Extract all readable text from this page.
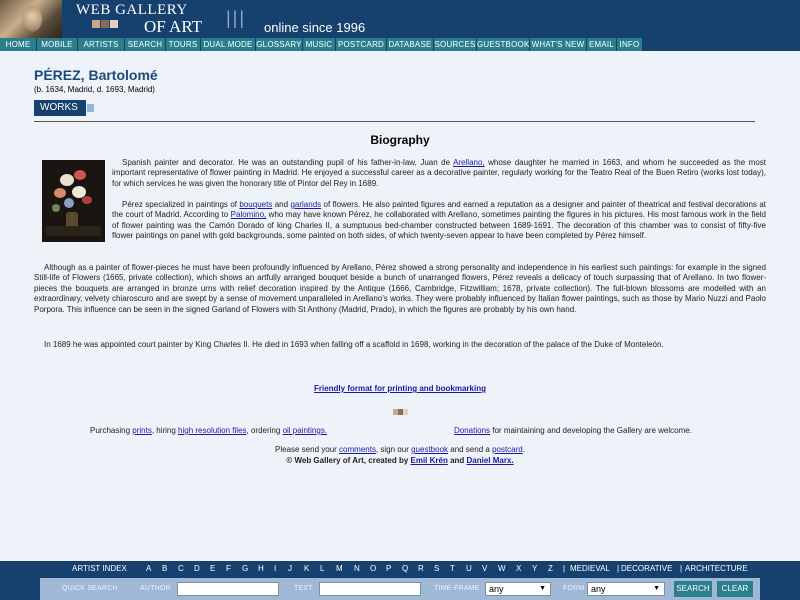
WEB GALLERY
OF ART ||| online since 1996
HOME	MOBILE	ARTISTS	SEARCH TOURS DUAL MODE GLOSSARY MUSIC POSTCARD DATABASE SOURCES GUESTBOOK WHAT'S NEW EMAIL INFO
PÉREZ, Bartolomé
(b. 1634, Madrid, d. 1693, Madrid)
WORKS
Biography
Spanish painter and decorator. He was an outstanding pupil of his father-in-law, Juan de Arellano, whose daughter he married in 1663, and whom he succeeded as the most important representative of flower painting in Madrid. He enjoyed a successful career as a decorative painter, regularly working for the Teatro Real of the Buen Retiro (works lost today), for which services he was given the honorary title of Pintor del Rey in 1689.
Pérez specialized in paintings of bouquets and garlands of flowers. He also painted figures and earned a reputation as a designer and painter of theatrical and festival decorations at the court of Madrid. According to Palomino, who may have known Pérez, he collaborated with Arellano, sometimes painting the figures in his pictures. His most famous work in the field of flower painting was the Camón Dorado of king Charles II, a sumptuous bed-chamber constructed between 1689-1691. The decoration of this chamber was to consist of fifty-five flower paintings on panel with gold backgrounds, some painted on both sides, of which twenty-seven appear to have been completed by Pérez himself.
Although as a painter of flower-pieces he must have been profoundly influenced by Arellano, Pérez showed a strong personality and independence in his earliest such paintings: for example in the signed Still-life of Flowers (1665, private collection), which shows an artfully arranged bouquet beside a bunch of unarranged flowers, Pérez reveals a delicacy of touch surpassing that of Arellano. In two flower-pieces the bouquets are arranged in bronze urns with relief decoration inspired by the Antique (1666, Cambridge, Fitzwilliam; 1678, private collection). The full-blown blossoms are modelled with an extraordinary, velvety chiaroscuro and are swept by a sense of movement unparalleled in Arellano's works. They were probably influenced by Italian flower paintings, such as those by Mario Nuzzi and Paolo Porpora. This influence can be seen in the signed Garland of Flowers with St Anthony (Madrid, Prado), in which the figures are probably by his own hand.
In 1689 he was appointed court painter by King Charles II. He died in 1693 when falling off a scaffold in 1698, working in the decoration of the palace of the Duke of Monteleón.
Friendly format for printing and bookmarking
Purchasing prints, hiring high resolution files, ordering oil paintings.	Donations for maintaining and developing the Gallery are welcome.
Please send your comments, sign our guestbook and send a postcard.
© Web Gallery of Art, created by Emil Krén and Daniel Marx.
ARTIST INDEX A B C D E F G H I J K L M N O P Q R S T U V W X Y Z | MEDIEVAL | DECORATIVE | ARCHITECTURE
QUICK SEARCH	AUTHOR	TEXT	TIME-FRAME	any	▼ FORM any	▼ SEARCH	CLEAR
